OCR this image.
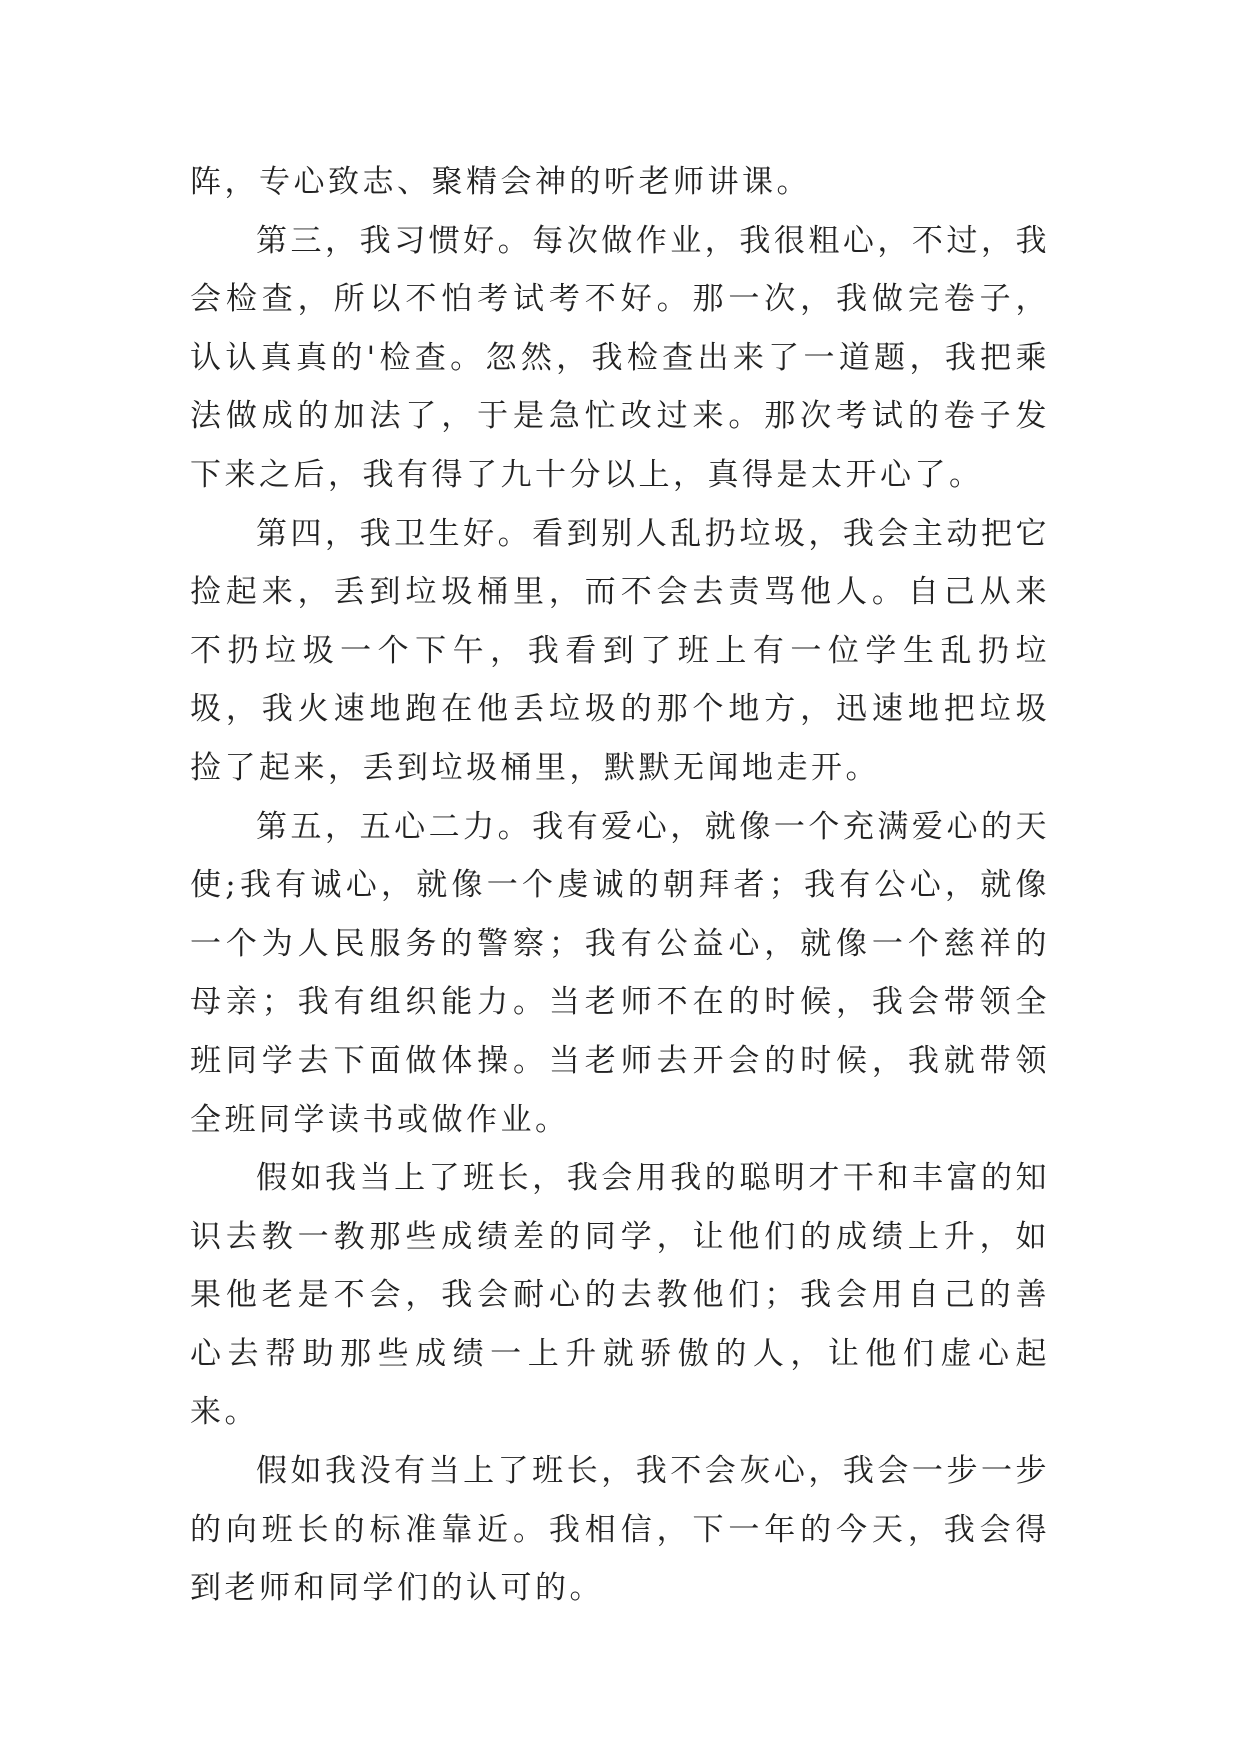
阵，专心致志、聚精会神的听老师讲课。

第三，我习惯好。每次做作业，我很粗心，不过，我会检查，所以不怕考试考不好。那一次，我做完卷子，认认真真的'检查。忽然，我检查出来了一道题，我把乘法做成的加法了，于是急忙改过来。那次考试的卷子发下来之后，我有得了九十分以上，真得是太开心了。

第四，我卫生好。看到别人乱扔垃圾，我会主动把它捡起来，丢到垃圾桶里，而不会去责骂他人。自己从来不扔垃圾一个下午，我看到了班上有一位学生乱扔垃圾，我火速地跑在他丢垃圾的那个地方，迅速地把垃圾捡了起来，丢到垃圾桶里，默默无闻地走开。

第五，五心二力。我有爱心，就像一个充满爱心的天使;我有诚心，就像一个虔诚的朝拜者；我有公心，就像一个为人民服务的警察；我有公益心，就像一个慈祥的母亲；我有组织能力。当老师不在的时候，我会带领全班同学去下面做体操。当老师去开会的时候，我就带领全班同学读书或做作业。

假如我当上了班长，我会用我的聪明才干和丰富的知识去教一教那些成绩差的同学，让他们的成绩上升，如果他老是不会，我会耐心的去教他们；我会用自己的善心去帮助那些成绩一上升就骄傲的人，让他们虚心起来。

假如我没有当上了班长，我不会灰心，我会一步一步的向班长的标准靠近。我相信，下一年的今天，我会得到老师和同学们的认可的。
